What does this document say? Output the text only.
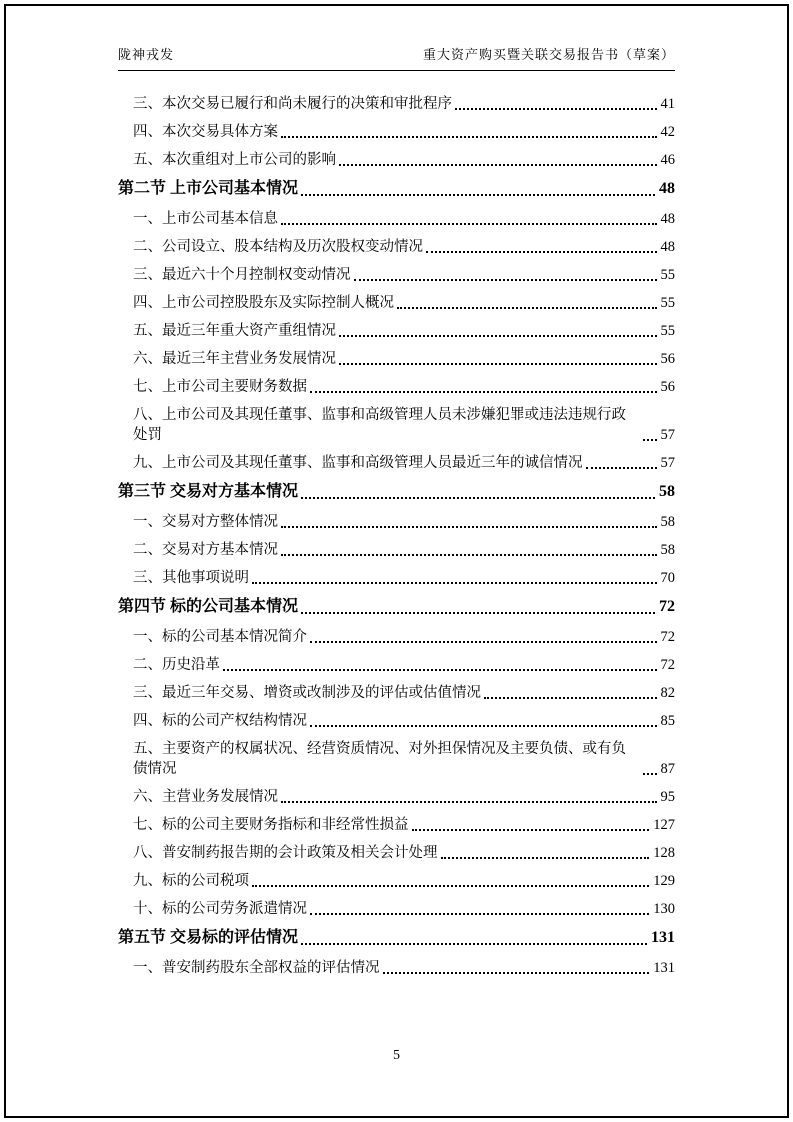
陇神戎发	重大资产购买暨关联交易报告书（草案）
三、本次交易已履行和尚未履行的决策和审批程序	41
四、本次交易具体方案	42
五、本次重组对上市公司的影响	46
第二节 上市公司基本情况	48
一、上市公司基本信息	48
二、公司设立、股本结构及历次股权变动情况	48
三、最近六十个月控制权变动情况	55
四、上市公司控股股东及实际控制人概况	55
五、最近三年重大资产重组情况	55
六、最近三年主营业务发展情况	56
七、上市公司主要财务数据	56
八、上市公司及其现任董事、监事和高级管理人员未涉嫌犯罪或违法违规行政处罚	57
九、上市公司及其现任董事、监事和高级管理人员最近三年的诚信情况	57
第三节 交易对方基本情况	58
一、交易对方整体情况	58
二、交易对方基本情况	58
三、其他事项说明	70
第四节 标的公司基本情况	72
一、标的公司基本情况简介	72
二、历史沿革	72
三、最近三年交易、增资或改制涉及的评估或估值情况	82
四、标的公司产权结构情况	85
五、主要资产的权属状况、经营资质情况、对外担保情况及主要负债、或有负债情况	87
六、主营业务发展情况	95
七、标的公司主要财务指标和非经常性损益	127
八、普安制药报告期的会计政策及相关会计处理	128
九、标的公司税项	129
十、标的公司劳务派遣情况	130
第五节 交易标的评估情况	131
一、普安制药股东全部权益的评估情况	131
5
